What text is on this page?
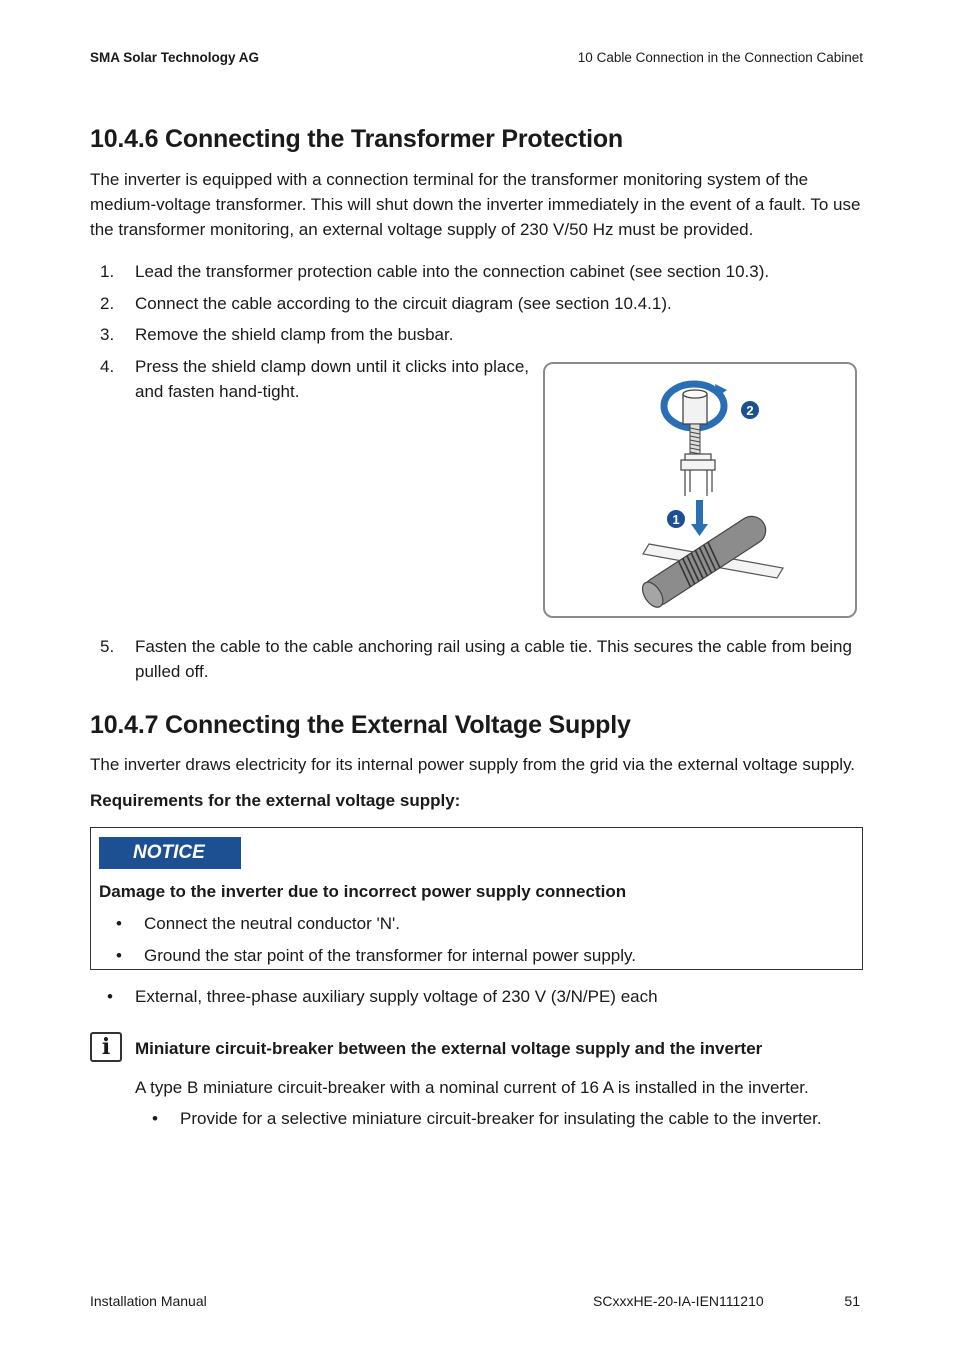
SMA Solar Technology AG	10 Cable Connection in the Connection Cabinet
10.4.6 Connecting the Transformer Protection
The inverter is equipped with a connection terminal for the transformer monitoring system of the
medium-voltage transformer. This will shut down the inverter immediately in the event of a fault. To use
the transformer monitoring, an external voltage supply of 230 V/50 Hz must be provided.
1. Lead the transformer protection cable into the connection cabinet (see section 10.3).
2. Connect the cable according to the circuit diagram (see section 10.4.1).
3. Remove the shield clamp from the busbar.
4. Press the shield clamp down until it clicks into place,
and fasten hand-tight.
2
1
5. Fasten the cable to the cable anchoring rail using a cable tie. This secures the cable from being
pulled off.
10.4.7 Connecting the External Voltage Supply
The inverter draws electricity for its internal power supply from the grid via the external voltage supply.
Requirements for the external voltage supply:
NOTICE
Damage to the inverter due to incorrect power supply connection
• Connect the neutral conductor 'N'.
• Ground the star point of the transformer for internal power supply.
• External, three-phase auxiliary supply voltage of 230 V (3/N/PE) each
i	Miniature circuit-breaker between the external voltage supply and the inverter
A type B miniature circuit-breaker with a nominal current of 16 A is installed in the inverter.
• Provide for a selective miniature circuit-breaker for insulating the cable to the inverter.
Installation Manual	SCxxxHE-20-IA-IEN111210	51
